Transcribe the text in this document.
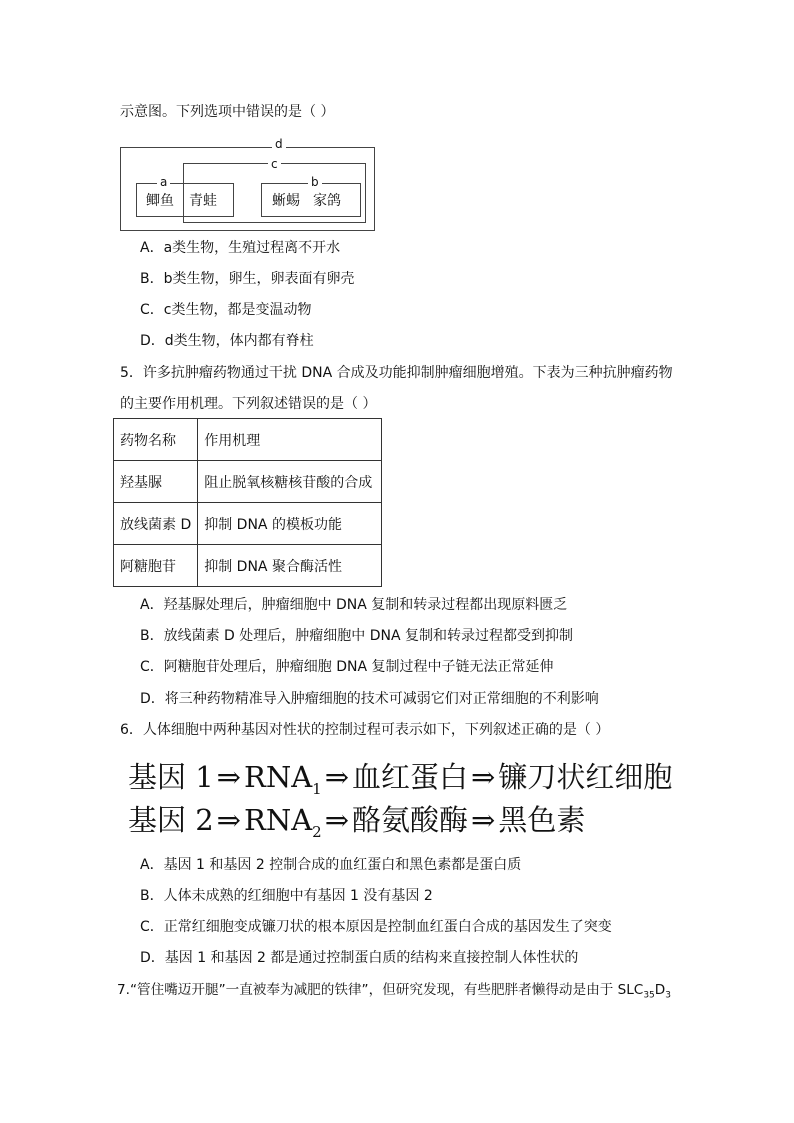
示意图。下列选项中错误的是（ ）
d
c
a
鲫鱼 青蛙
b
蜥蜴 家鸽
A．a类生物，生殖过程离不开水
B．b类生物，卵生，卵表面有卵壳
C．c类生物，都是变温动物
D．d类生物，体内都有脊柱
5．许多抗肿瘤药物通过干扰 DNA 合成及功能抑制肿瘤细胞增殖。下表为三种抗肿瘤药物
的主要作用机理。下列叙述错误的是（ ）
药物名称	作用机理
羟基脲	阻止脱氧核糖核苷酸的合成
放线菌素 D	抑制 DNA 的模板功能
阿糖胞苷	抑制 DNA 聚合酶活性
A．羟基脲处理后，肿瘤细胞中 DNA 复制和转录过程都出现原料匮乏
B．放线菌素 D 处理后，肿瘤细胞中 DNA 复制和转录过程都受到抑制
C．阿糖胞苷处理后，肿瘤细胞 DNA 复制过程中子链无法正常延伸
D．将三种药物精准导入肿瘤细胞的技术可减弱它们对正常细胞的不利影响
6．人体细胞中两种基因对性状的控制过程可表示如下，下列叙述正确的是（ ）
基因 1 ⇒ $RNA_1$ ⇒ 血红蛋白 ⇒ 镰刀状红细胞
基因 2 ⇒ $RNA_2$ ⇒ 酪氨酸酶 ⇒ 黑色素
A．基因 1 和基因 2 控制合成的血红蛋白和黑色素都是蛋白质
B．人体未成熟的红细胞中有基因 1 没有基因 2
C．正常红细胞变成镰刀状的根本原因是控制血红蛋白合成的基因发生了突变
D．基因 1 和基因 2 都是通过控制蛋白质的结构来直接控制人体性状的
7.“管住嘴迈开腿”一直被奉为减肥的铁律”，但研究发现，有些肥胖者懒得动是由于 $SLC_{35}D_3$
